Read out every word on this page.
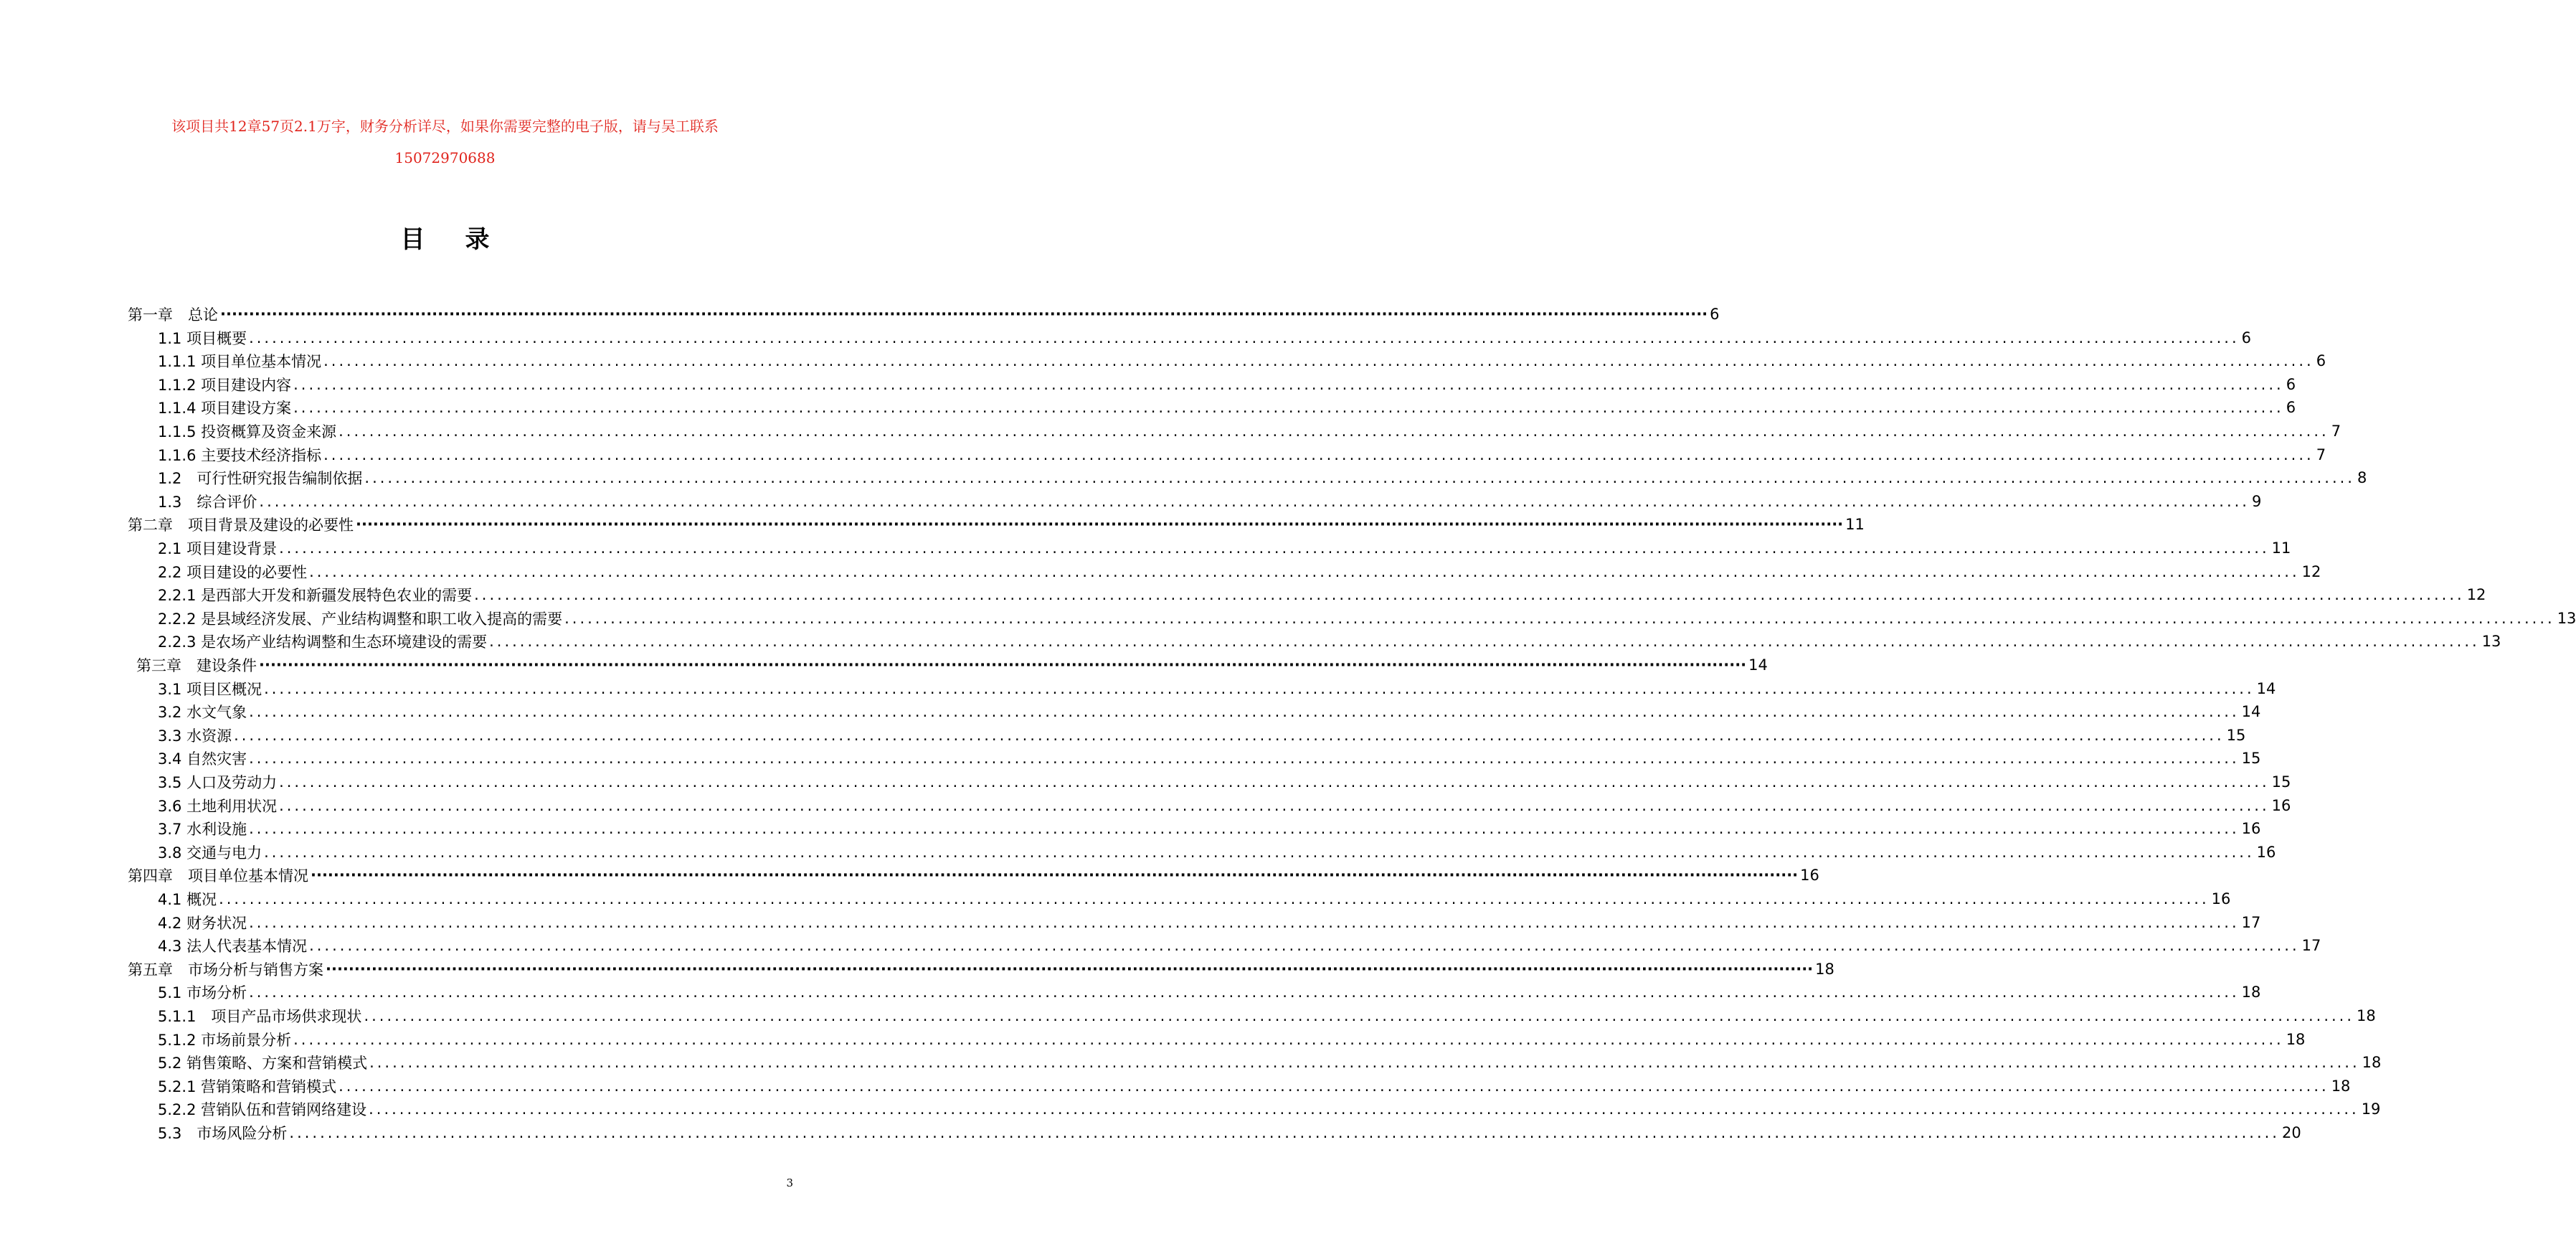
该项目共12章57页2.1万字，财务分析详尽，如果你需要完整的电子版，请与吴工联系
15072970688
目录
第一章　总论 ···································································································································································································································································· 6
1.1 项目概要 .................................................................................................................................................................................................................................................................... 6
1.1.1 项目单位基本情况 .................................................................................................................................................................................................................................................................... 6
1.1.2 项目建设内容 .................................................................................................................................................................................................................................................................... 6
1.1.4 项目建设方案 .................................................................................................................................................................................................................................................................... 6
1.1.5 投资概算及资金来源 .................................................................................................................................................................................................................................................................... 7
1.1.6 主要技术经济指标 .................................................................................................................................................................................................................................................................... 7
1.2　可行性研究报告编制依据 .................................................................................................................................................................................................................................................................... 8
1.3　综合评价 .................................................................................................................................................................................................................................................................... 9
第二章　项目背景及建设的必要性 ···································································································································································································································································· 11
2.1 项目建设背景 .................................................................................................................................................................................................................................................................... 11
2.2 项目建设的必要性 .................................................................................................................................................................................................................................................................... 12
2.2.1 是西部大开发和新疆发展特色农业的需要 .................................................................................................................................................................................................................................................................... 12
2.2.2 是县域经济发展、产业结构调整和职工收入提高的需要 .................................................................................................................................................................................................................................................................... 13
2.2.3 是农场产业结构调整和生态环境建设的需要 .................................................................................................................................................................................................................................................................... 13
第三章　建设条件 ···································································································································································································································································· 14
3.1 项目区概况 .................................................................................................................................................................................................................................................................... 14
3.2 水文气象 .................................................................................................................................................................................................................................................................... 14
3.3 水资源 .................................................................................................................................................................................................................................................................... 15
3.4 自然灾害 .................................................................................................................................................................................................................................................................... 15
3.5 人口及劳动力 .................................................................................................................................................................................................................................................................... 15
3.6 土地利用状况 .................................................................................................................................................................................................................................................................... 16
3.7 水利设施 .................................................................................................................................................................................................................................................................... 16
3.8 交通与电力 .................................................................................................................................................................................................................................................................... 16
第四章　项目单位基本情况 ···································································································································································································································································· 16
4.1 概况 .................................................................................................................................................................................................................................................................... 16
4.2 财务状况 .................................................................................................................................................................................................................................................................... 17
4.3 法人代表基本情况 .................................................................................................................................................................................................................................................................... 17
第五章　市场分析与销售方案 ···································································································································································································································································· 18
5.1 市场分析 .................................................................................................................................................................................................................................................................... 18
5.1.1　项目产品市场供求现状 .................................................................................................................................................................................................................................................................... 18
5.1.2 市场前景分析 .................................................................................................................................................................................................................................................................... 18
5.2 销售策略、方案和营销模式 .................................................................................................................................................................................................................................................................... 18
5.2.1 营销策略和营销模式 .................................................................................................................................................................................................................................................................... 18
5.2.2 营销队伍和营销网络建设 .................................................................................................................................................................................................................................................................... 19
5.3　市场风险分析 .................................................................................................................................................................................................................................................................... 20
3
